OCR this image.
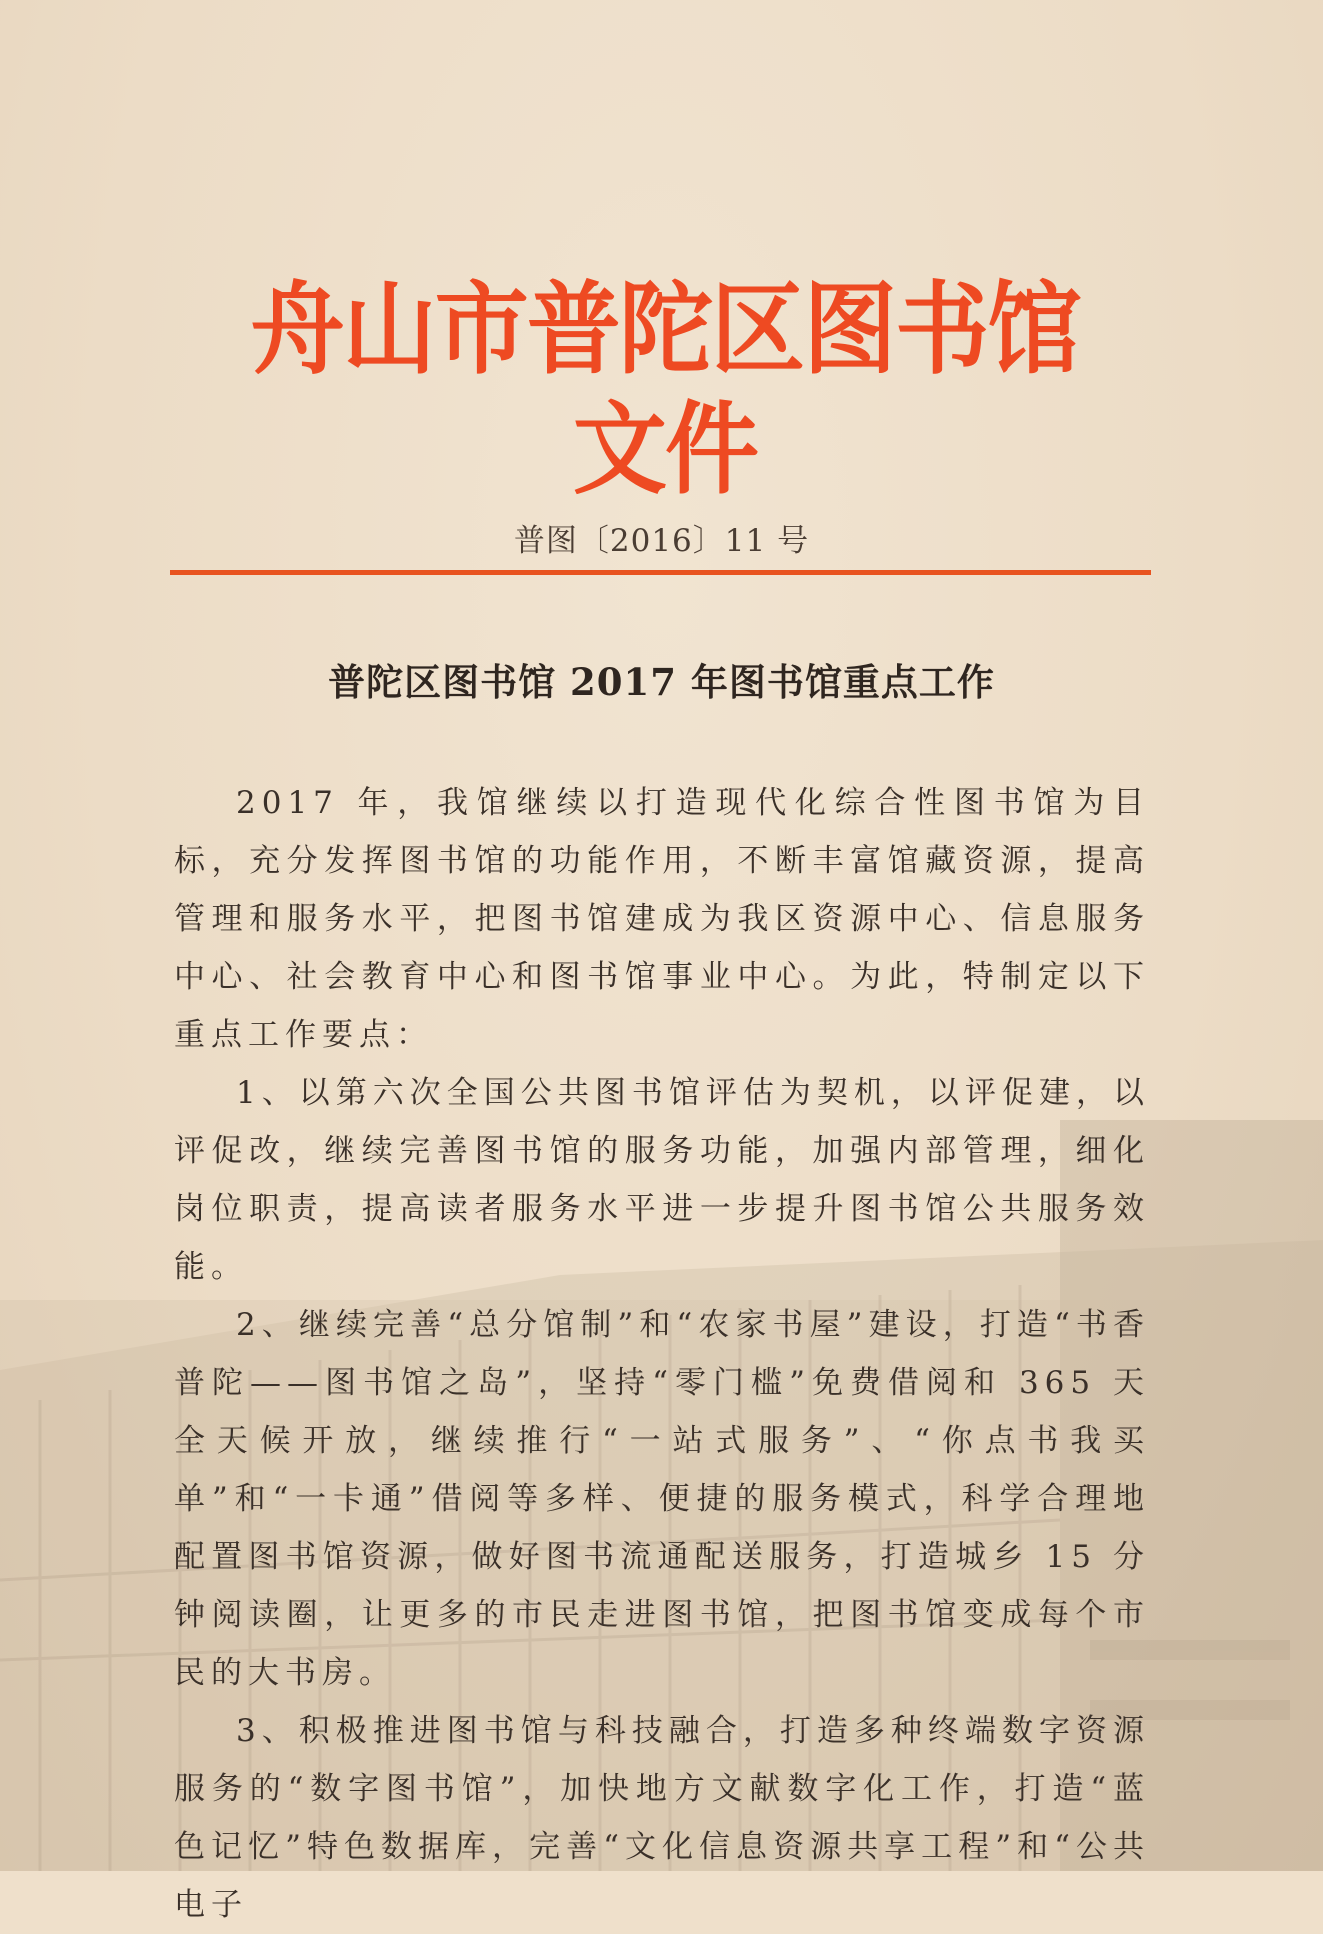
舟山市普陀区图书馆文件
普图〔2016〕11 号
普陀区图书馆 2017 年图书馆重点工作

2017 年，我馆继续以打造现代化综合性图书馆为目标，充分发挥图书馆的功能作用，不断丰富馆藏资源，提高管理和服务水平，把图书馆建成为我区资源中心、信息服务中心、社会教育中心和图书馆事业中心。为此，特制定以下重点工作要点：

1、以第六次全国公共图书馆评估为契机，以评促建，以评促改，继续完善图书馆的服务功能，加强内部管理，细化岗位职责，提高读者服务水平进一步提升图书馆公共服务效能。

2、继续完善“总分馆制”和“农家书屋”建设，打造“书香普陀——图书馆之岛”，坚持“零门槛”免费借阅和 365 天全天候开放，继续推行“一站式服务”、“你点书我买单”和“一卡通”借阅等多样、便捷的服务模式，科学合理地配置图书馆资源，做好图书流通配送服务，打造城乡 15 分钟阅读圈，让更多的市民走进图书馆，把图书馆变成每个市民的大书房。

3、积极推进图书馆与科技融合，打造多种终端数字资源服务的“数字图书馆”，加快地方文献数字化工作，打造“蓝色记忆”特色数据库，完善“文化信息资源共享工程”和“公共电子
